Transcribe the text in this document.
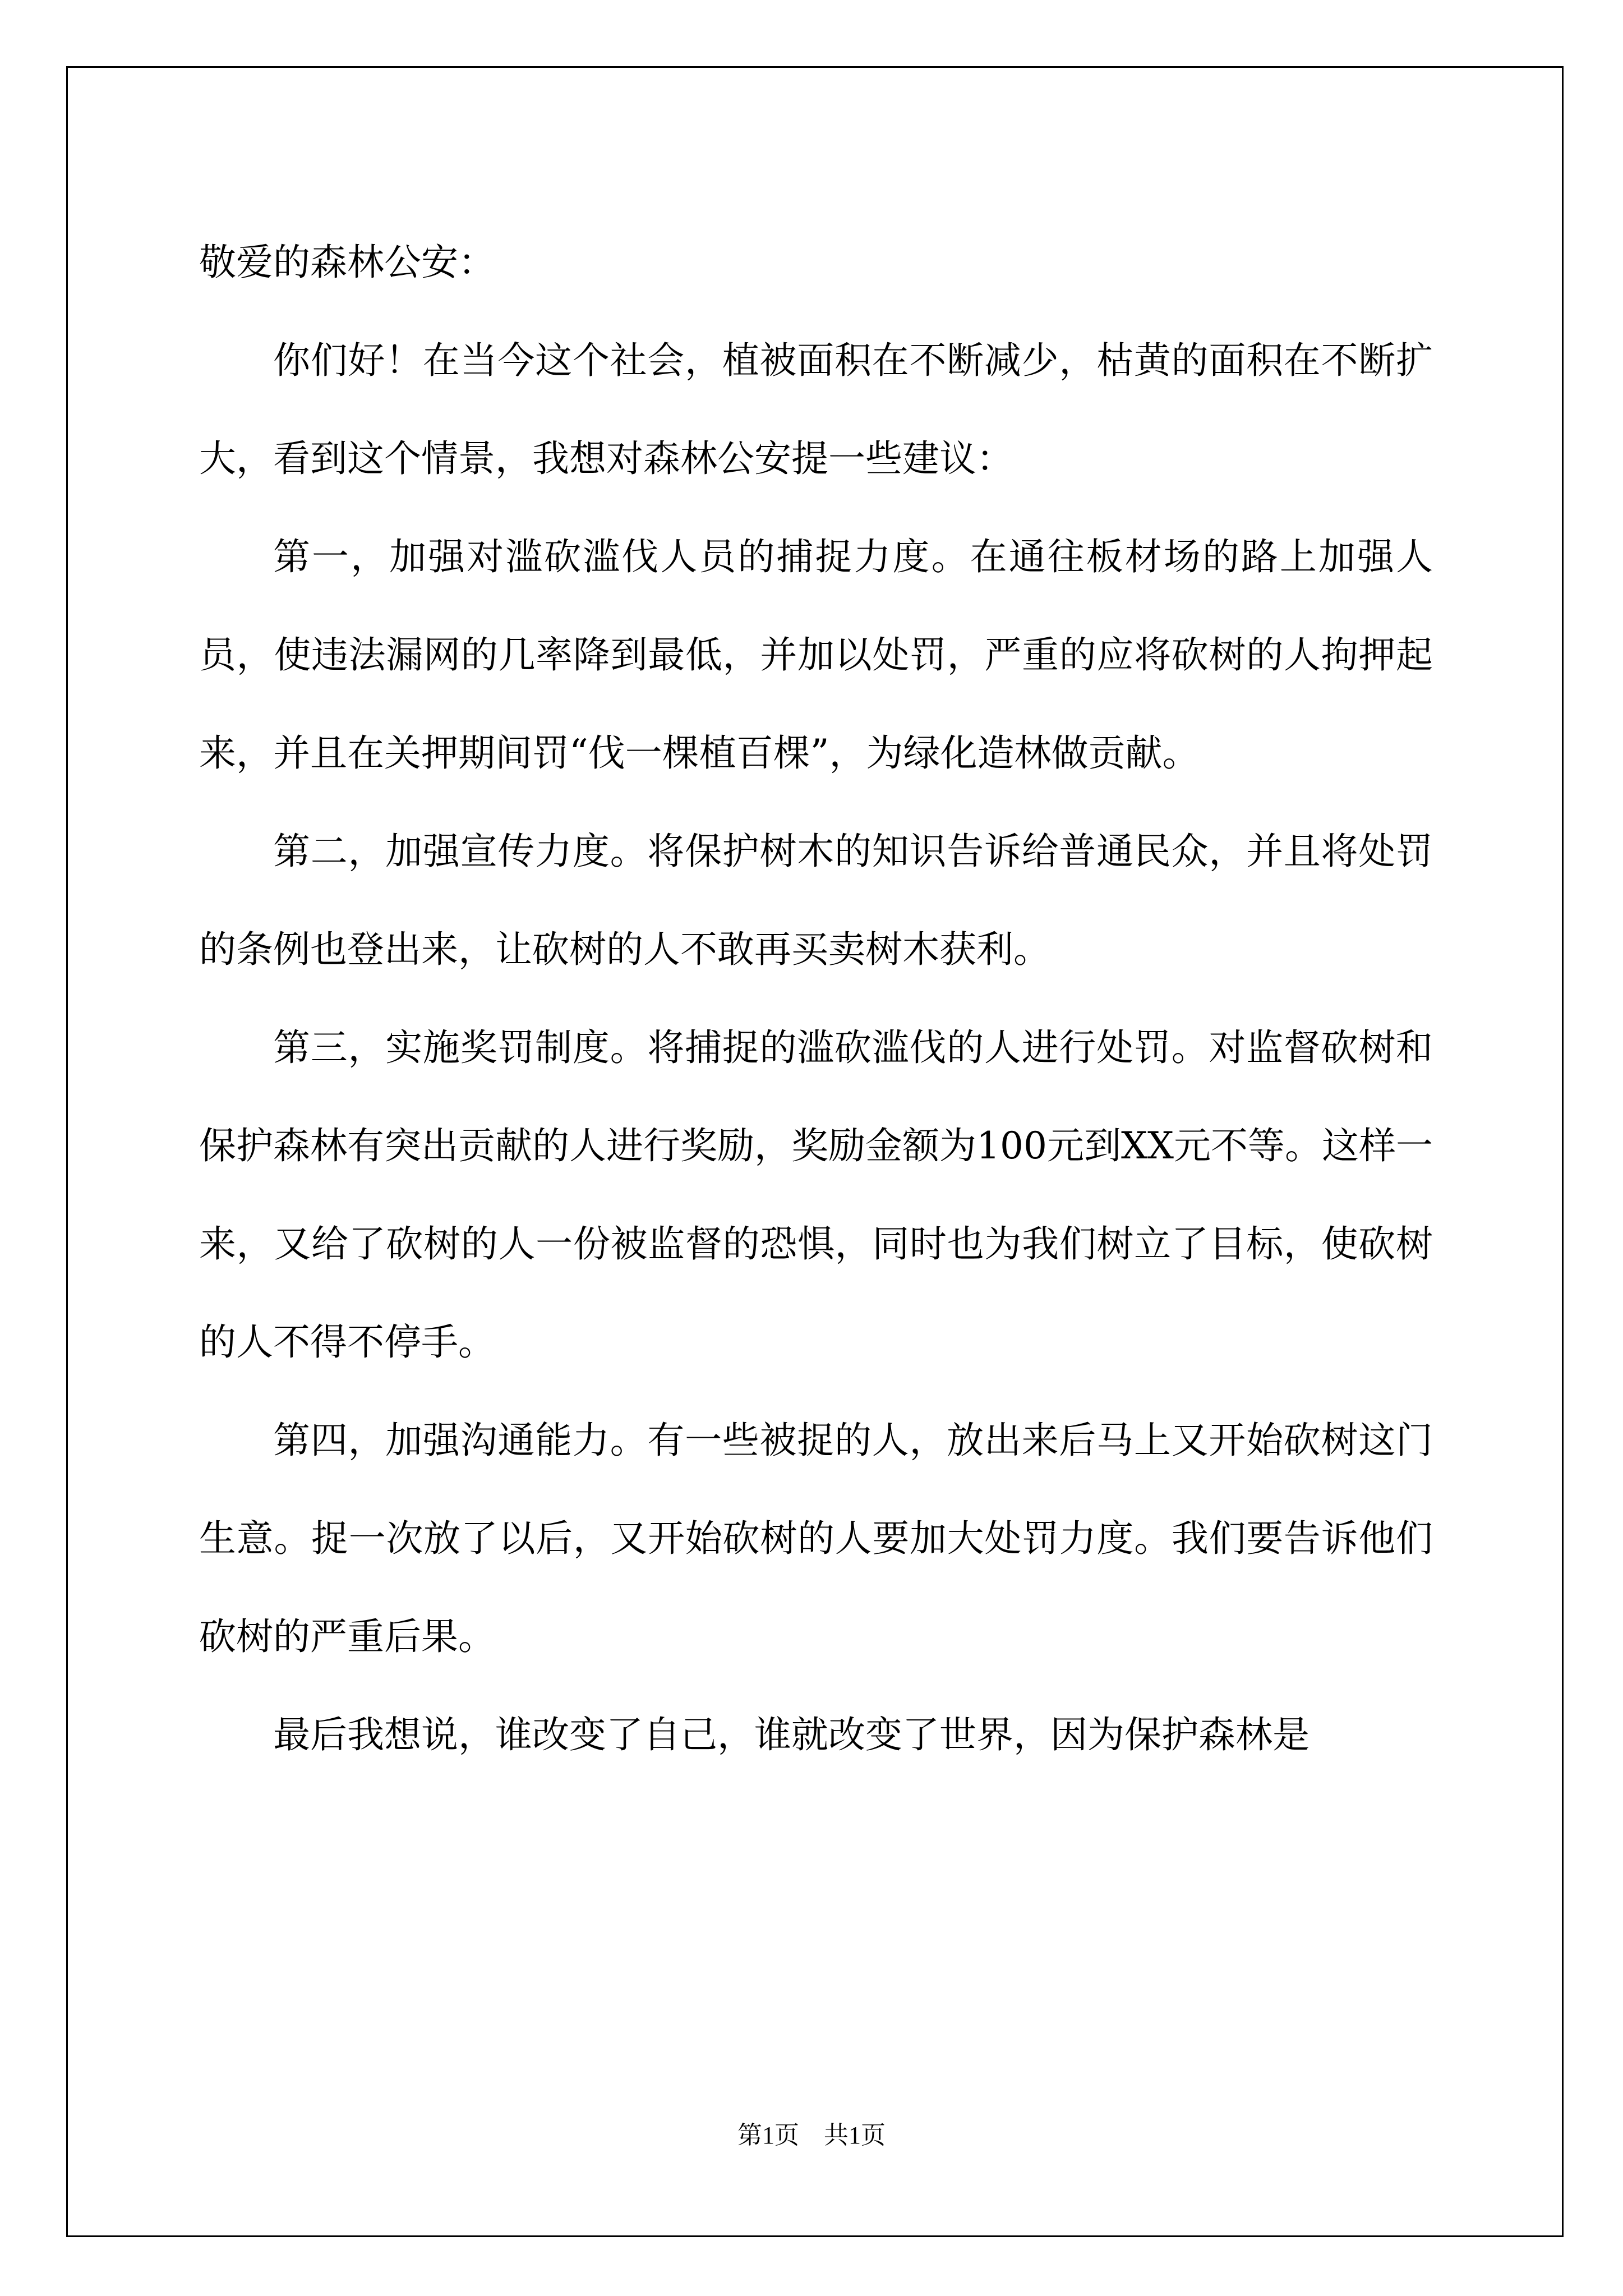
敬爱的森林公安：

你们好！在当今这个社会，植被面积在不断减少，枯黄的面积在不断扩大，看到这个情景，我想对森林公安提一些建议：

第一，加强对滥砍滥伐人员的捕捉力度。在通往板材场的路上加强人员，使违法漏网的几率降到最低，并加以处罚，严重的应将砍树的人拘押起来，并且在关押期间罚“伐一棵植百棵”，为绿化造林做贡献。

第二，加强宣传力度。将保护树木的知识告诉给普通民众，并且将处罚的条例也登出来，让砍树的人不敢再买卖树木获利。

第三，实施奖罚制度。将捕捉的滥砍滥伐的人进行处罚。对监督砍树和保护森林有突出贡献的人进行奖励，奖励金额为100元到XX元不等。这样一来，又给了砍树的人一份被监督的恐惧，同时也为我们树立了目标，使砍树的人不得不停手。

第四，加强沟通能力。有一些被捉的人，放出来后马上又开始砍树这门生意。捉一次放了以后，又开始砍树的人要加大处罚力度。我们要告诉他们砍树的严重后果。

最后我想说，谁改变了自己，谁就改变了世界，因为保护森林是

第1页 共1页
